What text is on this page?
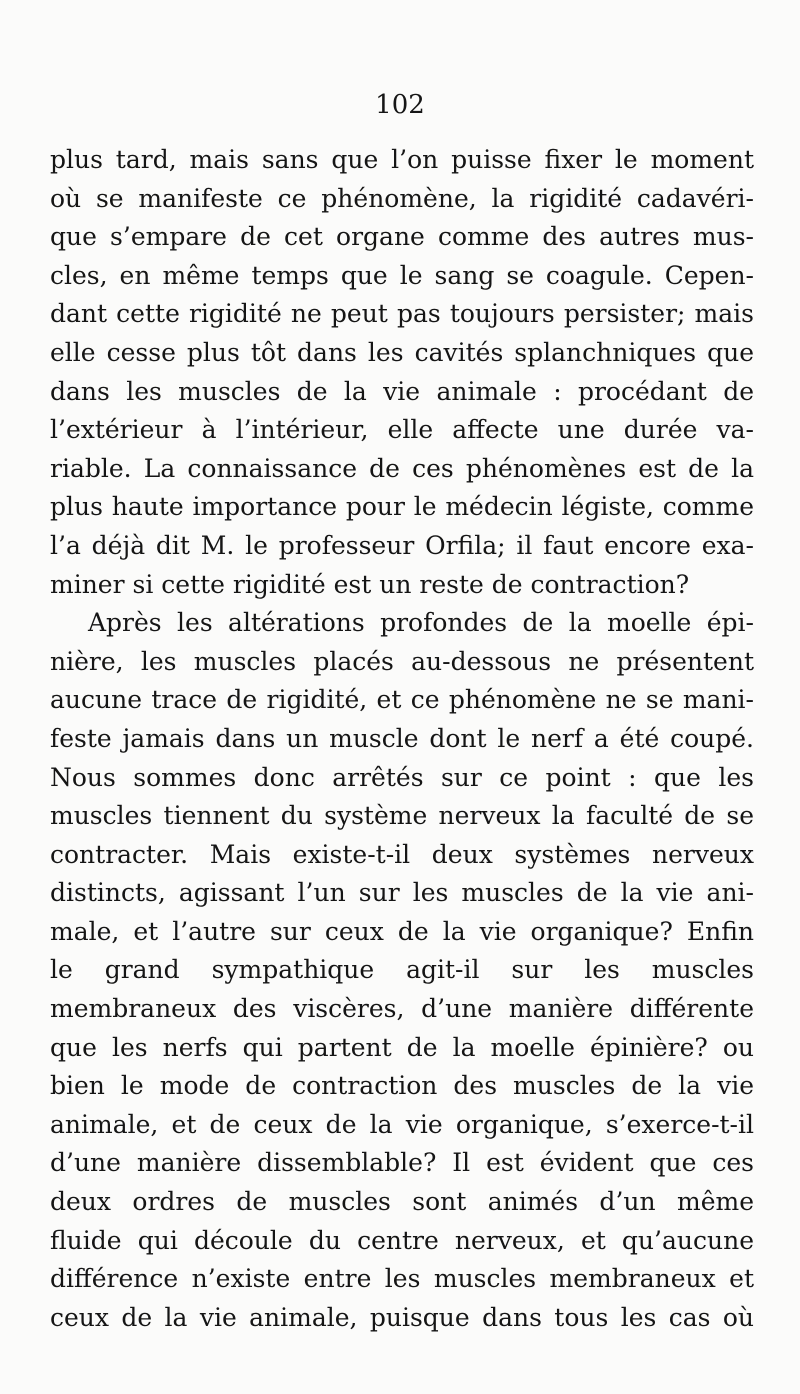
102
plus tard, mais sans que l’on puisse fixer le moment
où se manifeste ce phénomène, la rigidité cadavéri-
que s’empare de cet organe comme des autres mus-
cles, en même temps que le sang se coagule. Cepen-
dant cette rigidité ne peut pas toujours persister; mais
elle cesse plus tôt dans les cavités splanchniques que
dans les muscles de la vie animale : procédant de
l’extérieur à l’intérieur, elle affecte une durée va-
riable. La connaissance de ces phénomènes est de la
plus haute importance pour le médecin légiste, comme
l’a déjà dit M. le professeur Orfila; il faut encore exa-
miner si cette rigidité est un reste de contraction?
Après les altérations profondes de la moelle épi-
nière, les muscles placés au-dessous ne présentent
aucune trace de rigidité, et ce phénomène ne se mani-
feste jamais dans un muscle dont le nerf a été coupé.
Nous sommes donc arrêtés sur ce point : que les
muscles tiennent du système nerveux la faculté de se
contracter. Mais existe-t-il deux systèmes nerveux
distincts, agissant l’un sur les muscles de la vie ani-
male, et l’autre sur ceux de la vie organique? Enfin
le grand sympathique agit-il sur les muscles
membraneux des viscères, d’une manière différente
que les nerfs qui partent de la moelle épinière? ou
bien le mode de contraction des muscles de la vie
animale, et de ceux de la vie organique, s’exerce-t-il
d’une manière dissemblable? Il est évident que ces
deux ordres de muscles sont animés d’un même
fluide qui découle du centre nerveux, et qu’aucune
différence n’existe entre les muscles membraneux et
ceux de la vie animale, puisque dans tous les cas où
